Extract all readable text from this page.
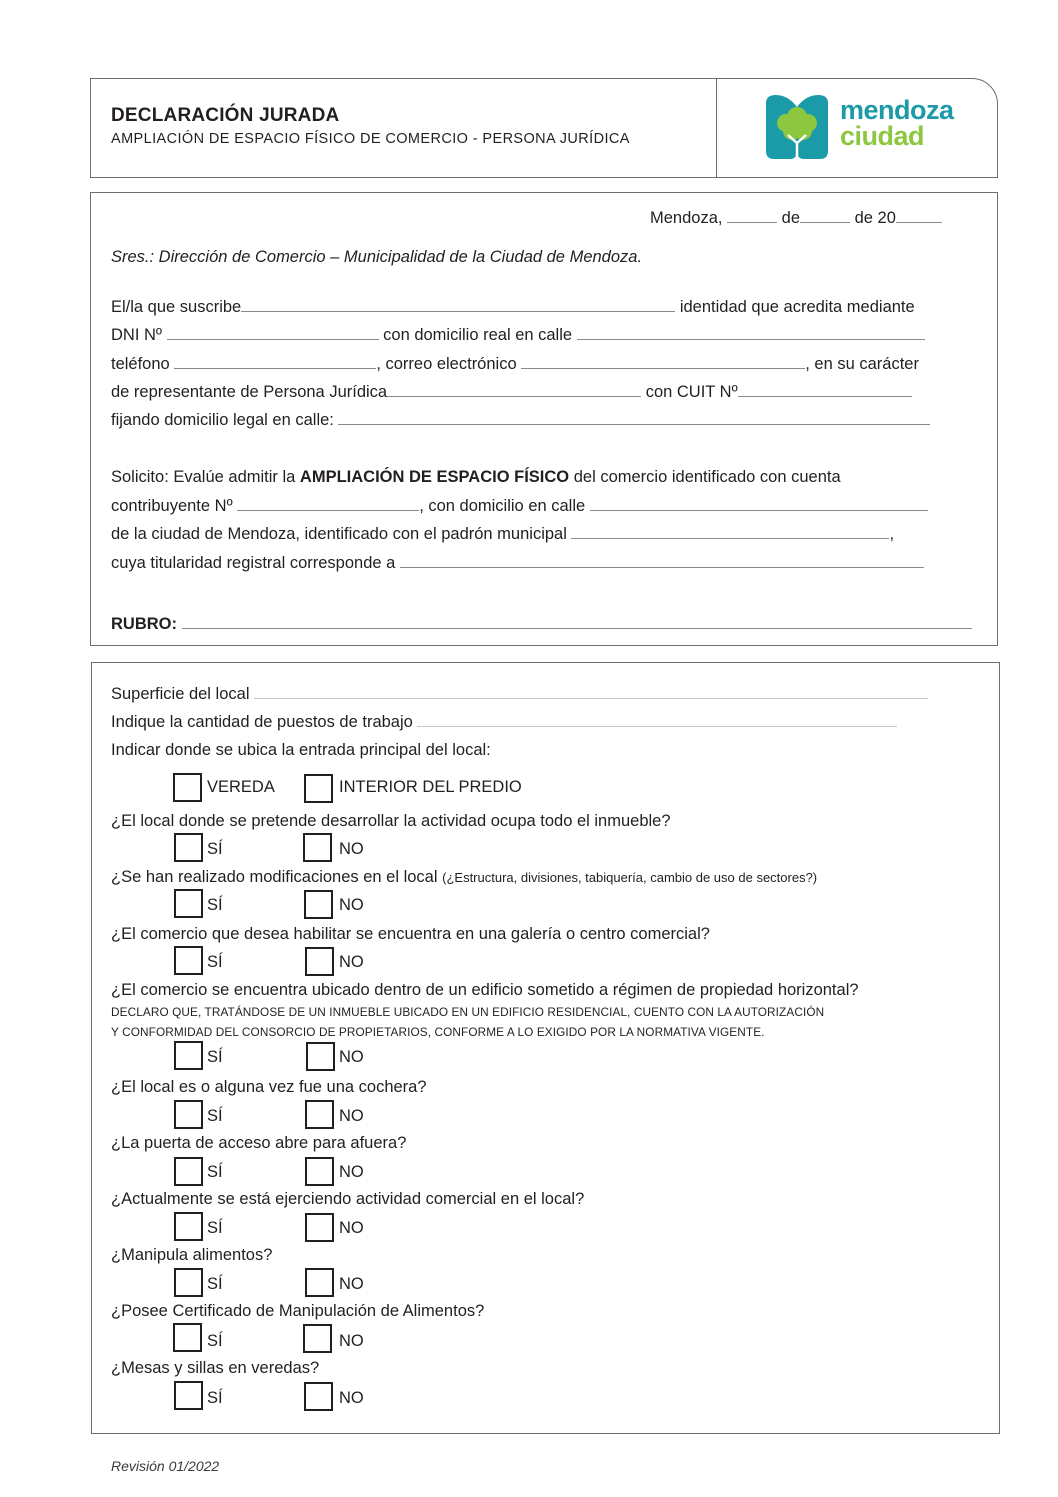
DECLARACIÓN JURADA
AMPLIACIÓN DE ESPACIO FÍSICO DE COMERCIO - PERSONA JURÍDICA
mendoza
ciudad
Mendoza,	de	de 20
Sres.: Dirección de Comercio – Municipalidad de la Ciudad de Mendoza.
El/la que suscribe	identidad que acredita mediante
DNI Nº	con domicilio real en calle
teléfono	, correo electrónico	, en su carácter
de representante de Persona Jurídica	con CUIT Nº
fijando domicilio legal en calle:
Solicito: Evalúe admitir la AMPLIACIÓN DE ESPACIO FÍSICO del comercio identificado con cuenta
contribuyente Nº	, con domicilio en calle
de la ciudad de Mendoza, identificado con el padrón municipal	,
cuya titularidad registral corresponde a
RUBRO:
Superficie del local
Indique la cantidad de puestos de trabajo
Indicar donde se ubica la entrada principal del local:
VEREDA	INTERIOR DEL PREDIO
¿El local donde se pretende desarrollar la actividad ocupa todo el inmueble?
SÍ	NO
¿Se han realizado modificaciones en el local (¿Estructura, divisiones, tabiquería, cambio de uso de sectores?)
SÍ	NO
¿El comercio que desea habilitar se encuentra en una galería o centro comercial?
SÍ	NO
¿El comercio se encuentra ubicado dentro de un edificio sometido a régimen de propiedad horizontal?
DECLARO QUE, TRATÁNDOSE DE UN INMUEBLE UBICADO EN UN EDIFICIO RESIDENCIAL, CUENTO CON LA AUTORIZACIÓN
Y CONFORMIDAD DEL CONSORCIO DE PROPIETARIOS, CONFORME A LO EXIGIDO POR LA NORMATIVA VIGENTE.
SÍ	NO
¿El local es o alguna vez fue una cochera?
SÍ	NO
¿La puerta de acceso abre para afuera?
SÍ	NO
¿Actualmente se está ejerciendo actividad comercial en el local?
SÍ	NO
¿Manipula alimentos?
SÍ	NO
¿Posee Certificado de Manipulación de Alimentos?
SÍ	NO
¿Mesas y sillas en veredas?
SÍ	NO
Revisión 01/2022
